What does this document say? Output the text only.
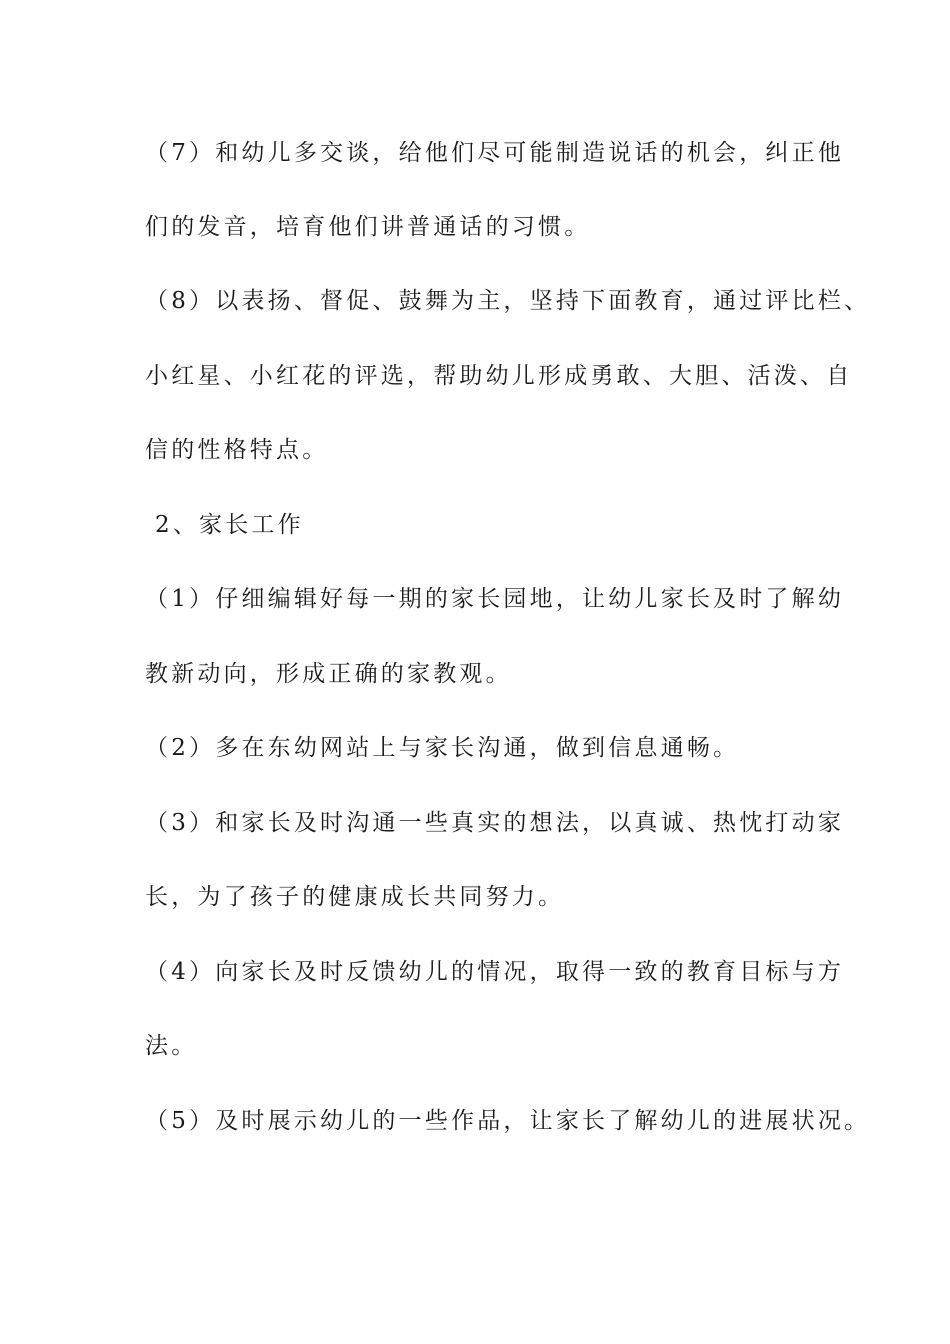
（7）和幼儿多交谈，给他们尽可能制造说话的机会，纠正他
们的发音，培育他们讲普通话的习惯。
（8）以表扬、督促、鼓舞为主，坚持下面教育，通过评比栏、
小红星、小红花的评选，帮助幼儿形成勇敢、大胆、活泼、自
信的性格特点。
2、家长工作
（1）仔细编辑好每一期的家长园地，让幼儿家长及时了解幼
教新动向，形成正确的家教观。
（2）多在东幼网站上与家长沟通，做到信息通畅。
（3）和家长及时沟通一些真实的想法，以真诚、热忱打动家
长，为了孩子的健康成长共同努力。
（4）向家长及时反馈幼儿的情况，取得一致的教育目标与方
法。
（5）及时展示幼儿的一些作品，让家长了解幼儿的进展状况。
